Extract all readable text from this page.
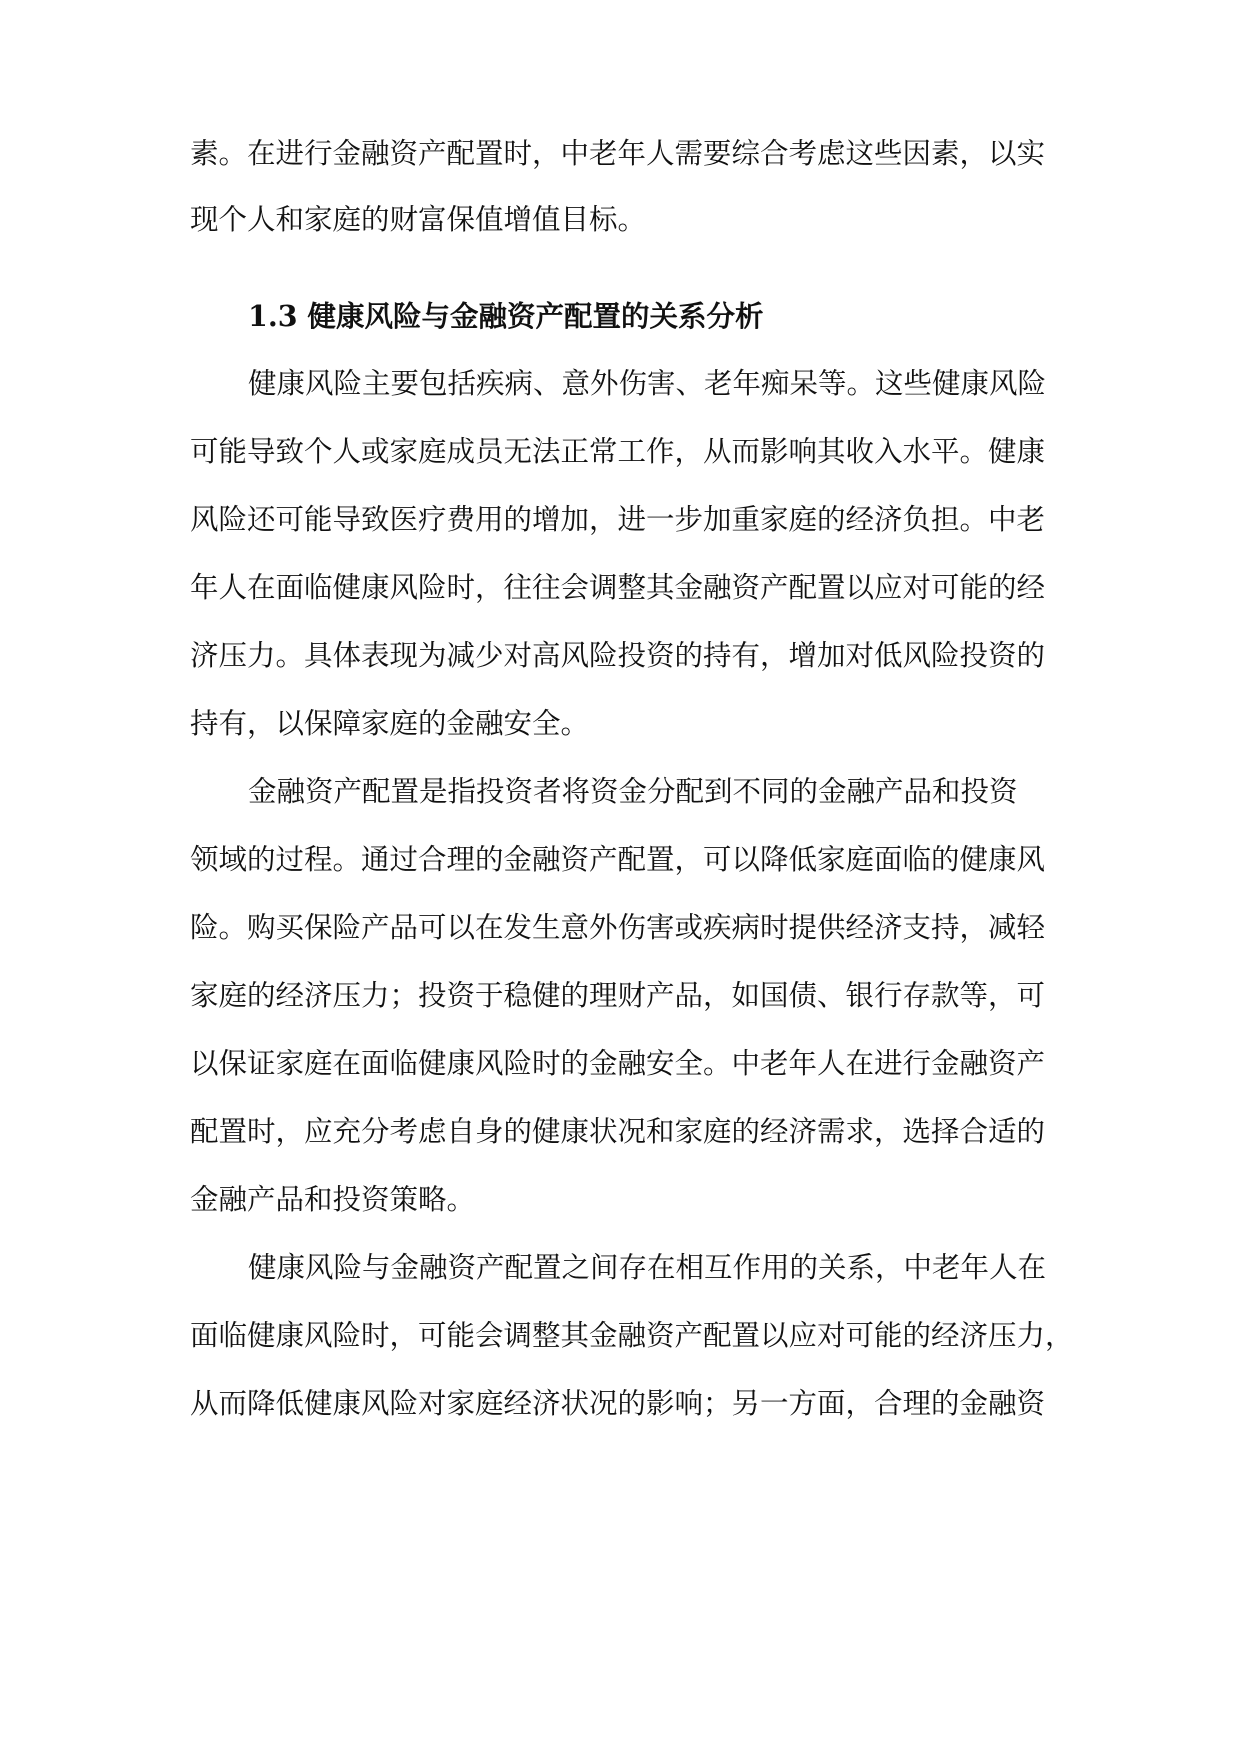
素。在进行金融资产配置时，中老年人需要综合考虑这些因素，以实
现个人和家庭的财富保值增值目标。
1.3 健康风险与金融资产配置的关系分析
健康风险主要包括疾病、意外伤害、老年痴呆等。这些健康风险
可能导致个人或家庭成员无法正常工作，从而影响其收入水平。健康
风险还可能导致医疗费用的增加，进一步加重家庭的经济负担。中老
年人在面临健康风险时，往往会调整其金融资产配置以应对可能的经
济压力。具体表现为减少对高风险投资的持有，增加对低风险投资的
持有，以保障家庭的金融安全。
金融资产配置是指投资者将资金分配到不同的金融产品和投资
领域的过程。通过合理的金融资产配置，可以降低家庭面临的健康风
险。购买保险产品可以在发生意外伤害或疾病时提供经济支持，减轻
家庭的经济压力；投资于稳健的理财产品，如国债、银行存款等，可
以保证家庭在面临健康风险时的金融安全。中老年人在进行金融资产
配置时，应充分考虑自身的健康状况和家庭的经济需求，选择合适的
金融产品和投资策略。
健康风险与金融资产配置之间存在相互作用的关系，中老年人在
面临健康风险时，可能会调整其金融资产配置以应对可能的经济压力，
从而降低健康风险对家庭经济状况的影响；另一方面，合理的金融资
